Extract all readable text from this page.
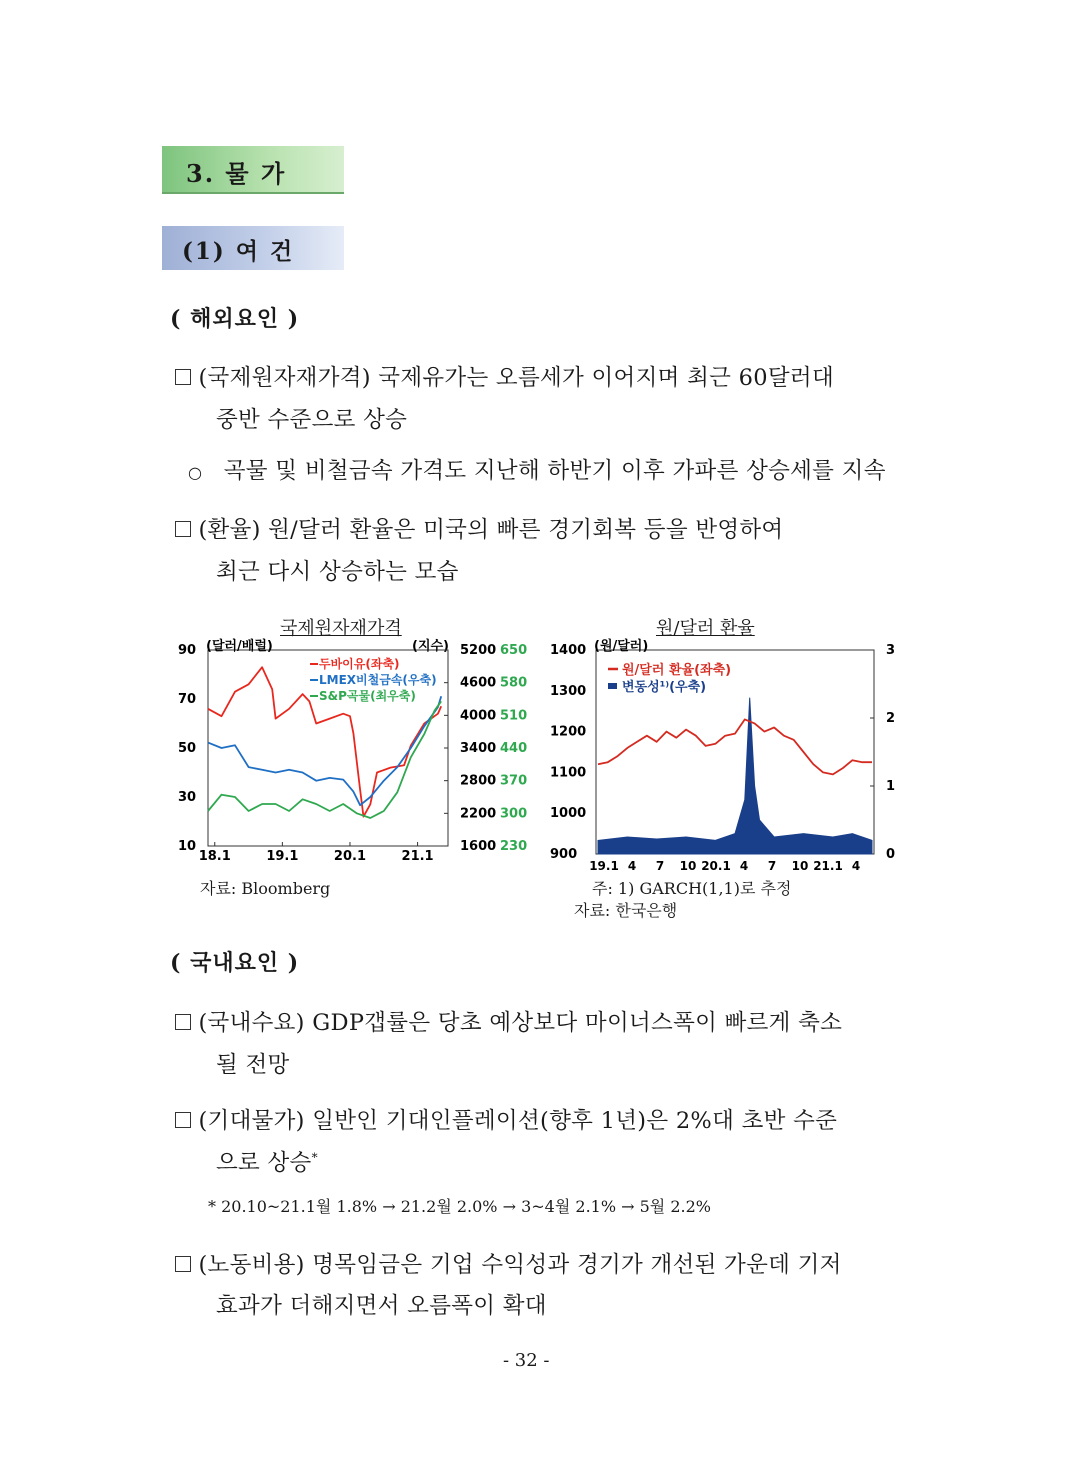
3. 물 가
(1) 여 건
( 해외요인 )
(국제원자재가격) 국제유가는 오름세가 이어지며 최근 60달러대
중반 수준으로 상승
○ 곡물 및 비철금속 가격도 지난해 하반기 이후 가파른 상승세를 지속
(환율) 원/달러 환율은 미국의 빠른 경기회복 등을 반영하여
최근 다시 상승하는 모습
국제원자재가격	원/달러 환율
(달러/배럴)	(지수)
90
70
50
30
10
5200 650
4600 580
4000 510
3400 440
2800 370
2200 300
1600 230
18.1	19.1	20.1	21.1
두바이유(좌축)
LMEX비철금속(우축)
S&P곡물(최우축)
자료: Bloomberg
(원/달러)
1400
1300
1200
1100
1000
900
3
2
1
0
19.1 4 7 10 20.1 4 7 10 21.1 4
원/달러 환율(좌축)
변동성¹⁾(우축)
주: 1) GARCH(1,1)로 추정
자료: 한국은행
( 국내요인 )
(국내수요) GDP갭률은 당초 예상보다 마이너스폭이 빠르게 축소
될 전망
(기대물가) 일반인 기대인플레이션(향후 1년)은 2%대 초반 수준
으로 상승*
* 20.10~21.1월 1.8% → 21.2월 2.0% → 3~4월 2.1% → 5월 2.2%
(노동비용) 명목임금은 기업 수익성과 경기가 개선된 가운데 기저
효과가 더해지면서 오름폭이 확대
- 32 -
